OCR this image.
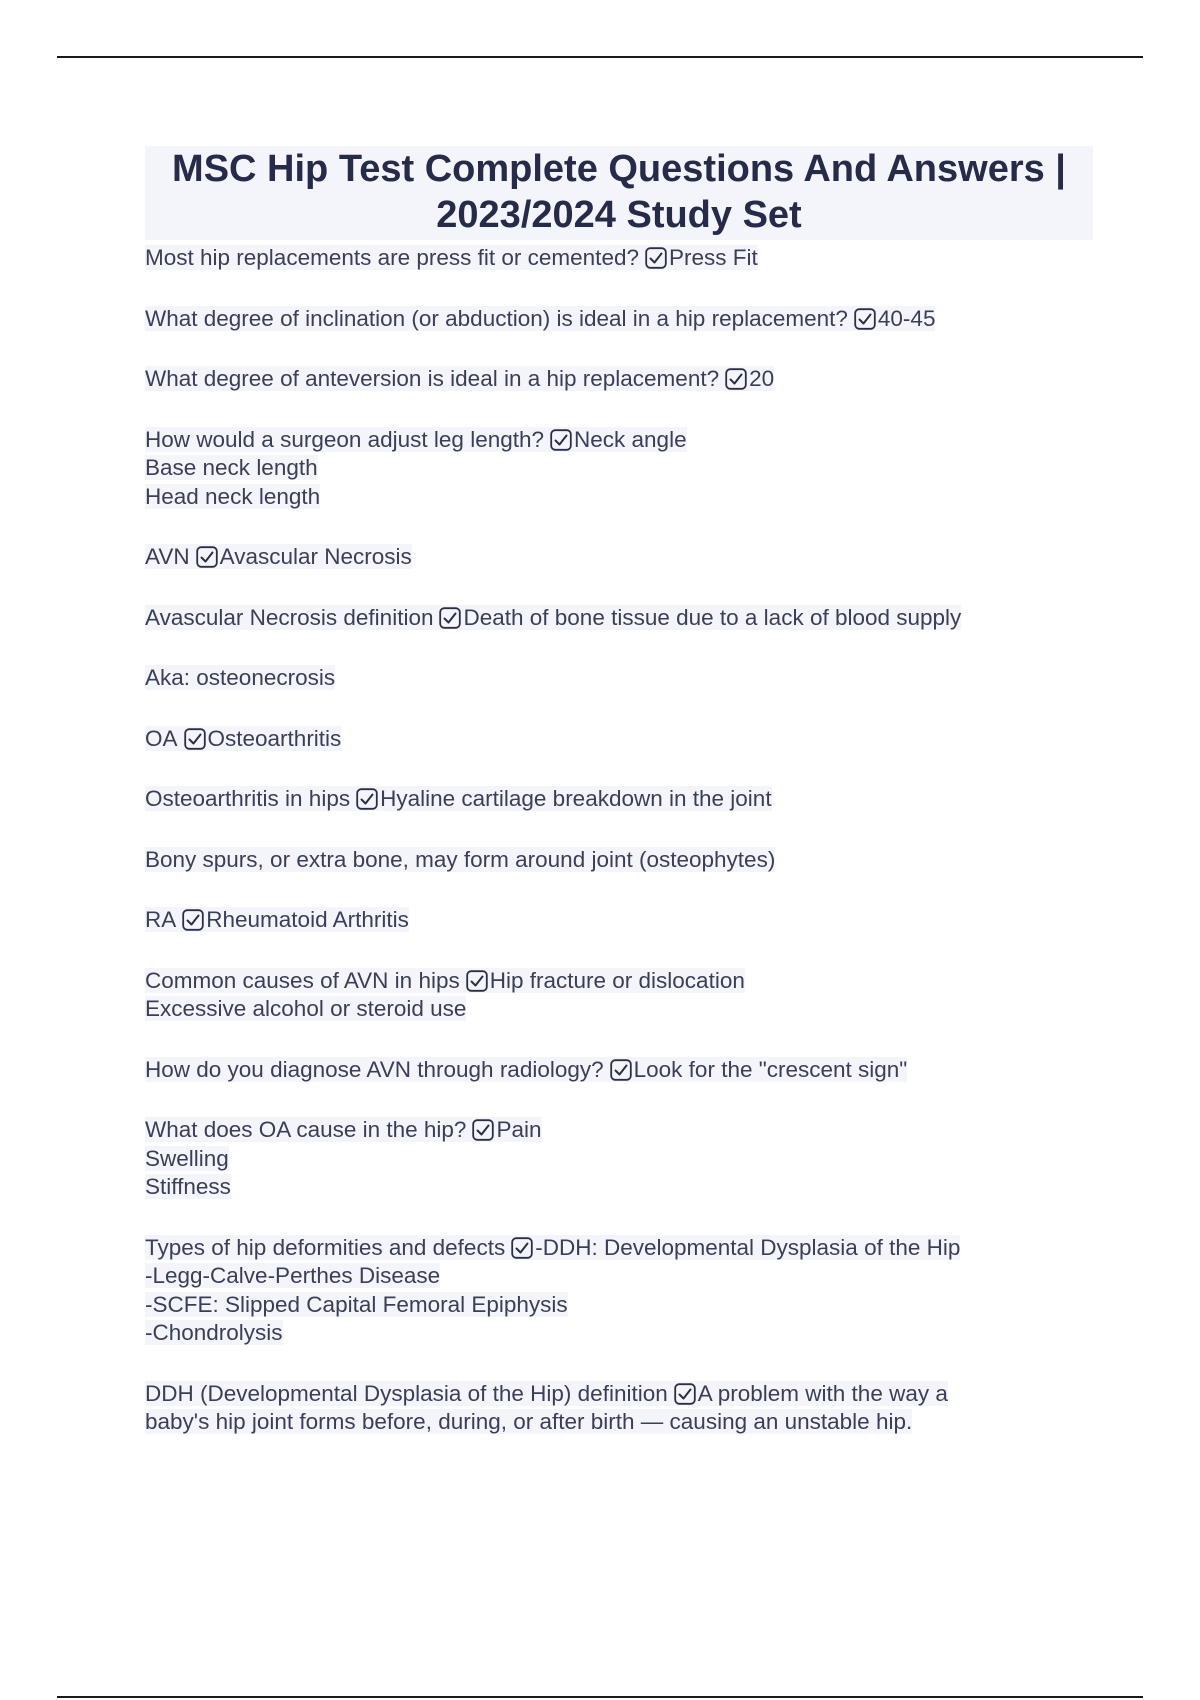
MSC Hip Test Complete Questions And Answers | 2023/2024 Study Set
Most hip replacements are press fit or cemented? Press Fit
What degree of inclination (or abduction) is ideal in a hip replacement? 40-45
What degree of anteversion is ideal in a hip replacement? 20
How would a surgeon adjust leg length? Neck angle
Base neck length
Head neck length
AVN Avascular Necrosis
Avascular Necrosis definition Death of bone tissue due to a lack of blood supply
Aka: osteonecrosis
OA Osteoarthritis
Osteoarthritis in hips Hyaline cartilage breakdown in the joint
Bony spurs, or extra bone, may form around joint (osteophytes)
RA Rheumatoid Arthritis
Common causes of AVN in hips Hip fracture or dislocation
Excessive alcohol or steroid use
How do you diagnose AVN through radiology? Look for the "crescent sign"
What does OA cause in the hip? Pain
Swelling
Stiffness
Types of hip deformities and defects -DDH: Developmental Dysplasia of the Hip
-Legg-Calve-Perthes Disease
-SCFE: Slipped Capital Femoral Epiphysis
-Chondrolysis
DDH (Developmental Dysplasia of the Hip) definition A problem with the way a
baby's hip joint forms before, during, or after birth — causing an unstable hip.
